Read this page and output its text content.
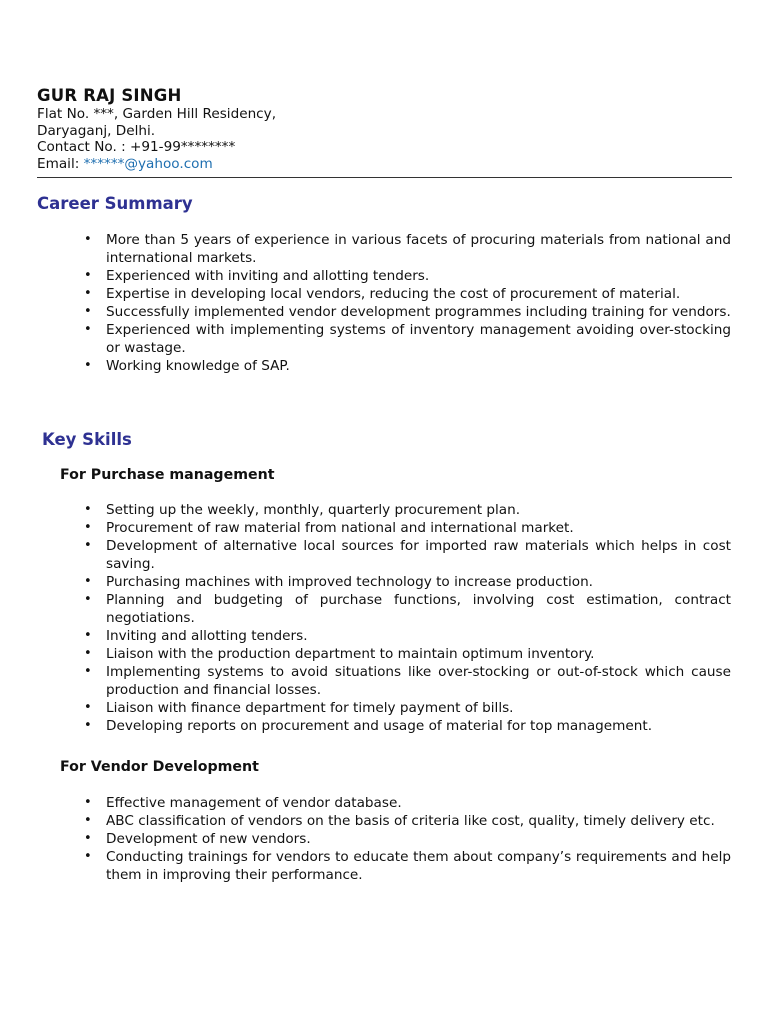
GUR RAJ SINGH

Flat No. ***, Garden Hill Residency,

Daryaganj, Delhi.

Contact No. : +91-99********

Email: ******@yahoo.com

Career Summary
• More than 5 years of experience in various facets of procuring materials from national and international markets.
• Experienced with inviting and allotting tenders.
• Expertise in developing local vendors, reducing the cost of procurement of material.
• Successfully implemented vendor development programmes including training for vendors.
• Experienced with implementing systems of inventory management avoiding over-stocking or wastage.
• Working knowledge of SAP.
Key Skills
For Purchase management
• Setting up the weekly, monthly, quarterly procurement plan.
• Procurement of raw material from national and international market.
• Development of alternative local sources for imported raw materials which helps in cost saving.
• Purchasing machines with improved technology to increase production.
• Planning and budgeting of purchase functions, involving cost estimation, contract negotiations.
• Inviting and allotting tenders.
• Liaison with the production department to maintain optimum inventory.
• Implementing systems to avoid situations like over-stocking or out-of-stock which cause production and financial losses.
• Liaison with finance department for timely payment of bills.
• Developing reports on procurement and usage of material for top management.
For Vendor Development
• Effective management of vendor database.
• ABC classification of vendors on the basis of criteria like cost, quality, timely delivery etc.
• Development of new vendors.
• Conducting trainings for vendors to educate them about company’s requirements and help them in improving their performance.
